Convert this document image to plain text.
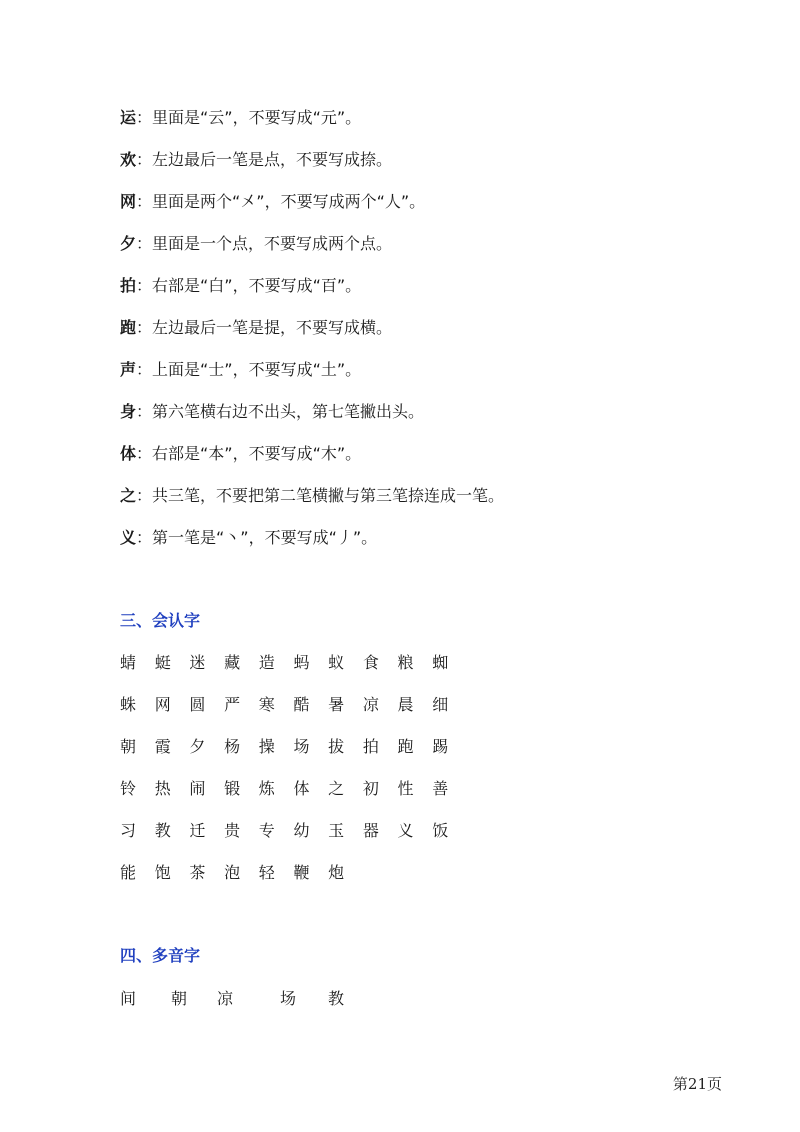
运：里面是“云”，不要写成“元”。
欢：左边最后一笔是点，不要写成捺。
网：里面是两个“㐅”，不要写成两个“人”。
夕：里面是一个点，不要写成两个点。
拍：右部是“白”，不要写成“百”。
跑：左边最后一笔是提，不要写成横。
声：上面是“士”，不要写成“土”。
身：第六笔横右边不出头，第七笔撇出头。
体：右部是“本”，不要写成“木”。
之：共三笔，不要把第二笔横撇与第三笔捺连成一笔。
义：第一笔是“丶”，不要写成“丿”。
三、会认字
蜻 蜓 迷 藏 造 蚂 蚁 食 粮 蜘
蛛 网 圆 严 寒 酷 暑 凉 晨 细
朝 霞 夕 杨 操 场 拔 拍 跑 踢
铃 热 闹 锻 炼 体 之 初 性 善
习 教 迁 贵 专 幼 玉 器 义 饭
能 饱 茶 泡 轻 鞭 炮
四、多音字
间 朝 凉	场 教
第21页
